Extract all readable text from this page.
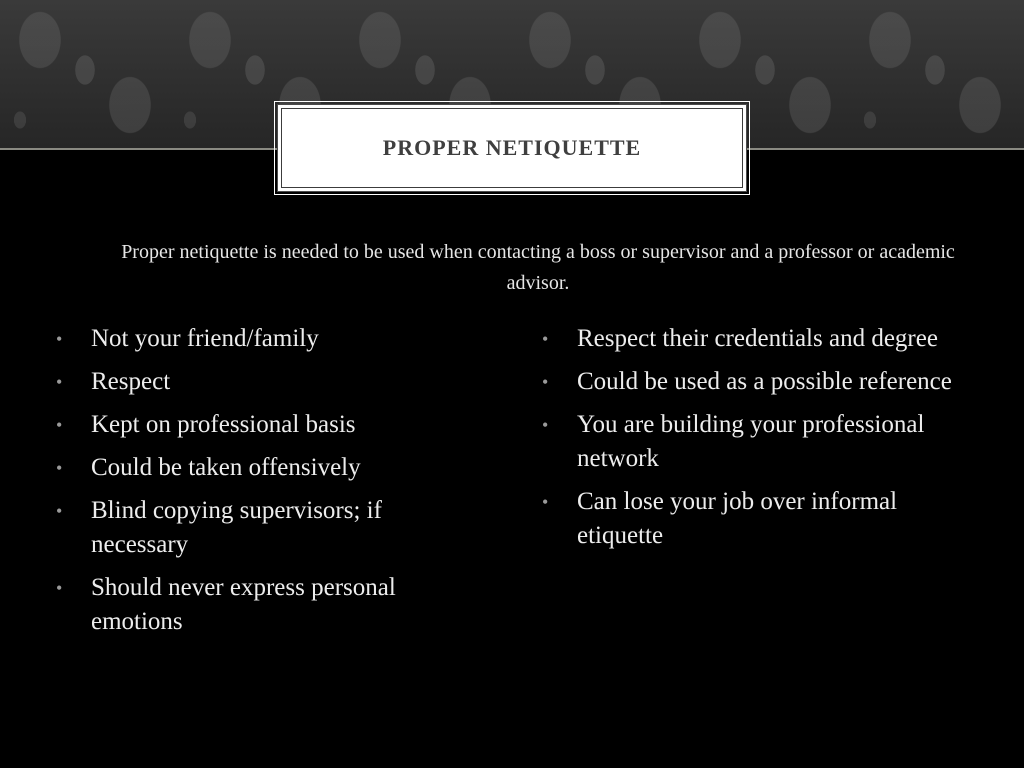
PROPER NETIQUETTE
Proper netiquette is needed to be used when contacting a boss or supervisor and a professor or academic advisor.
• Not your friend/family
• Respect
• Kept on professional basis
• Could be taken offensively
• Blind copying supervisors; if necessary
• Should never express personal emotions
• Respect their credentials and degree
• Could be used as a possible reference
• You are building your professional network
• Can lose your job over informal etiquette
